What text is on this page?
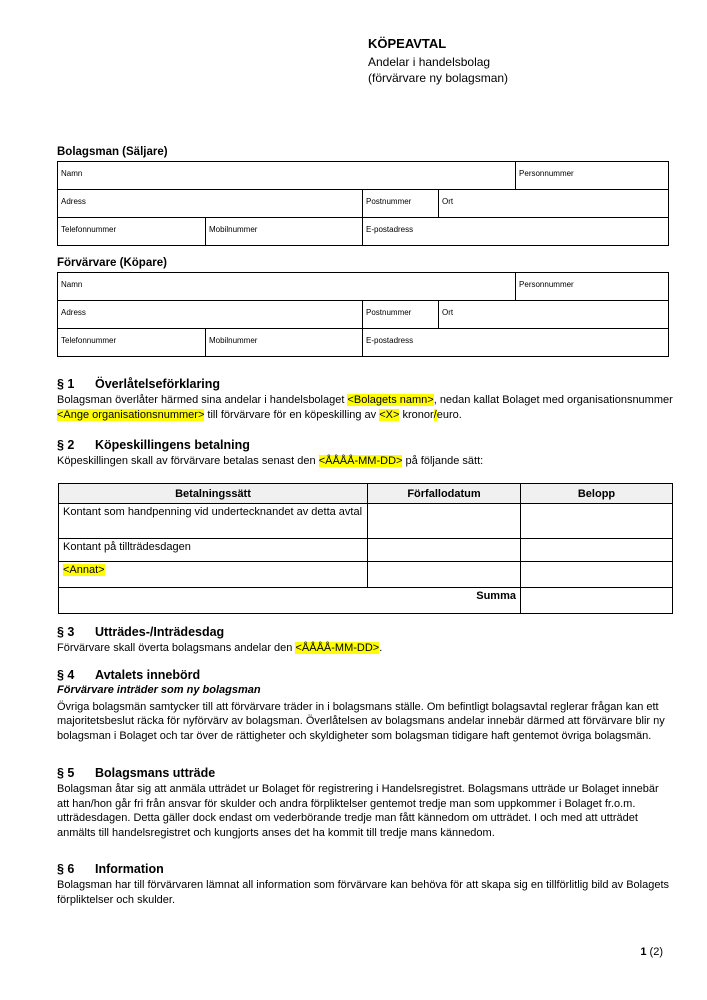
KÖPEAVTAL

Andelar i handelsbolag

(förvärvare ny bolagsman)

Bolagsman (Säljare)

Namn				Personnummer
Adress		Postnummer	Ort	
Telefonnummer	Mobilnummer	E-postadress		

Förvärvare (Köpare)

Namn				Personnummer
Adress		Postnummer	Ort	
Telefonnummer	Mobilnummer	E-postadress		

§ 1 Överlåtelseförklaring

Bolagsman överlåter härmed sina andelar i handelsbolaget <Bolagets namn>, nedan kallat Bolaget med organisationsnummer <Ange organisationsnummer> till förvärvare för en köpeskilling av <X> kronor/euro.

§ 2 Köpeskillingens betalning

Köpeskillingen skall av förvärvare betalas senast den <ÅÅÅÅ-MM-DD> på följande sätt:

Betalningssätt	Förfallodatum	Belopp
Kontant som handpenning vid undertecknandet av detta avtal		
Kontant på tillträdesdagen		
<Annat>		
Summa		

§ 3 Utträdes-/Inträdesdag

Förvärvare skall överta bolagsmans andelar den <ÅÅÅÅ-MM-DD>.

§ 4 Avtalets innebörd

Förvärvare inträder som ny bolagsman

Övriga bolagsmän samtycker till att förvärvare träder in i bolagsmans ställe. Om befintligt bolagsavtal reglerar frågan kan ett majoritetsbeslut räcka för nyförvärv av bolagsman. Överlåtelsen av bolagsmans andelar innebär därmed att förvärvare blir ny bolagsman i Bolaget och tar över de rättigheter och skyldigheter som bolagsman tidigare haft gentemot övriga bolagsmän.

§ 5 Bolagsmans utträde

Bolagsman åtar sig att anmäla utträdet ur Bolaget för registrering i Handelsregistret. Bolagsmans utträde ur Bolaget innebär att han/hon går fri från ansvar för skulder och andra förpliktelser gentemot tredje man som uppkommer i Bolaget fr.o.m. utträdesdagen. Detta gäller dock endast om vederbörande tredje man fått kännedom om utträdet. I och med att utträdet anmälts till handelsregistret och kungjorts anses det ha kommit till tredje mans kännedom.

§ 6 Information

Bolagsman har till förvärvaren lämnat all information som förvärvare kan behöva för att skapa sig en tillförlitlig bild av Bolagets förpliktelser och skulder.

1 (2)
